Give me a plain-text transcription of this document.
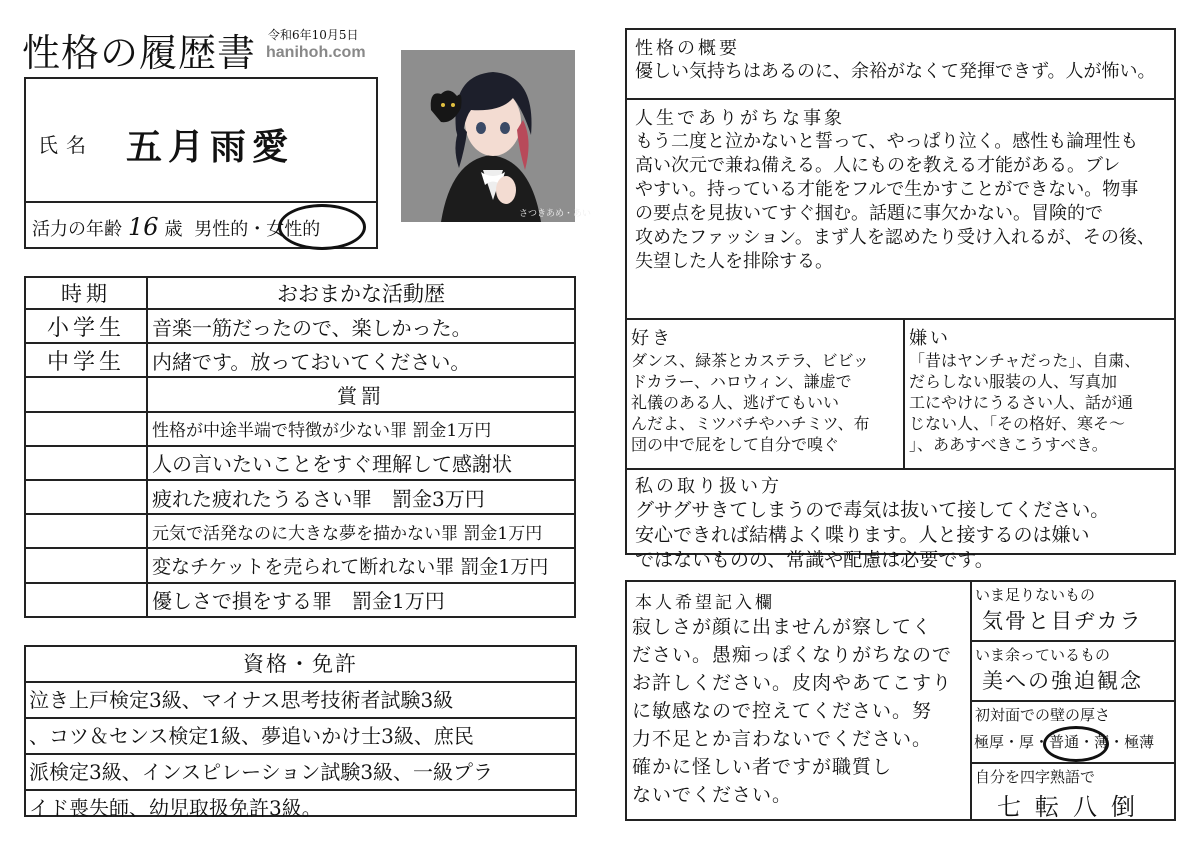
性格の履歴書 令和6年10月5日
hanihoh.com
氏名 五月雨愛
活力の年齢 16 歳 男性的・女性的
さつきあめ・あい
時期	おおまかな活動歴
小学生	音楽一筋だったので、楽しかった。
中学生	内緒です。放っておいてください。
	賞罰
	性格が中途半端で特徴が少ない罪 罰金1万円
	人の言いたいことをすぐ理解して感謝状
	疲れた疲れたうるさい罪　罰金3万円
	元気で活発なのに大きな夢を描かない罪 罰金1万円
	変なチケットを売られて断れない罪 罰金1万円
	優しさで損をする罪　罰金1万円
資格・免許
泣き上戸検定3級、マイナス思考技術者試験3級
、コツ＆センス検定1級、夢追いかけ士3級、庶民
派検定3級、インスピレーション試験3級、一級プラ
イド喪失師、幼児取扱免許3級。
性格の概要
優しい気持ちはあるのに、余裕がなくて発揮できず。人が怖い。
人生でありがちな事象
もう二度と泣かないと誓って、やっぱり泣く。感性も論理性も
高い次元で兼ね備える。人にものを教える才能がある。ブレ
やすい。持っている才能をフルで生かすことができない。物事
の要点を見抜いてすぐ掴む。話題に事欠かない。冒険的で
攻めたファッション。まず人を認めたり受け入れるが、その後、
失望した人を排除する。
好き
ダンス、緑茶とカステラ、ビビッ
ドカラー、ハロウィン、謙虚で
礼儀のある人、逃げてもいい
んだよ、ミツバチやハチミツ、布
団の中で屁をして自分で嗅ぐ
嫌い
「昔はヤンチャだった」、自粛、
だらしない服装の人、写真加
工にやけにうるさい人、話が通
じない人、「その格好、寒そ〜
」、ああすべきこうすべき。
私の取り扱い方
グサグサきてしまうので毒気は抜いて接してください。
安心できれば結構よく喋ります。人と接するのは嫌い
ではないものの、常識や配慮は必要です。
本人希望記入欄
寂しさが顔に出ませんが察してく
ださい。愚痴っぽくなりがちなので
お許しください。皮肉やあてこすり
に敏感なので控えてください。努
力不足とか言わないでください。
確かに怪しい者ですが職質し
ないでください。
いま足りないもの
気骨と目ヂカラ
いま余っているもの
美への強迫観念
初対面での壁の厚さ
極厚・厚・普通・薄・極薄
自分を四字熟語で
七転八倒
